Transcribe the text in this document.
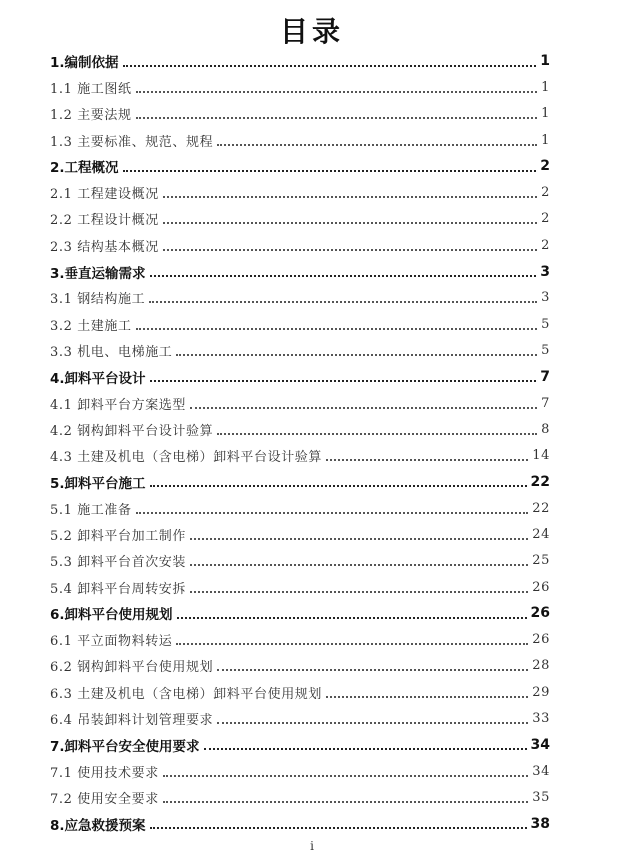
目录
1.编制依据	1
1.1 施工图纸	1
1.2 主要法规	1
1.3 主要标准、规范、规程	1
2.工程概况	2
2.1 工程建设概况	2
2.2 工程设计概况	2
2.3 结构基本概况	2
3.垂直运输需求	3
3.1 钢结构施工	3
3.2 土建施工	5
3.3 机电、电梯施工	5
4.卸料平台设计	7
4.1 卸料平台方案选型	7
4.2 钢构卸料平台设计验算	8
4.3 土建及机电（含电梯）卸料平台设计验算	14
5.卸料平台施工	22
5.1 施工准备	22
5.2 卸料平台加工制作	24
5.3 卸料平台首次安装	25
5.4 卸料平台周转安拆	26
6.卸料平台使用规划	26
6.1 平立面物料转运	26
6.2 钢构卸料平台使用规划	28
6.3 土建及机电（含电梯）卸料平台使用规划	29
6.4 吊装卸料计划管理要求	33
7.卸料平台安全使用要求	34
7.1 使用技术要求	34
7.2 使用安全要求	35
8.应急救援预案	38
i
